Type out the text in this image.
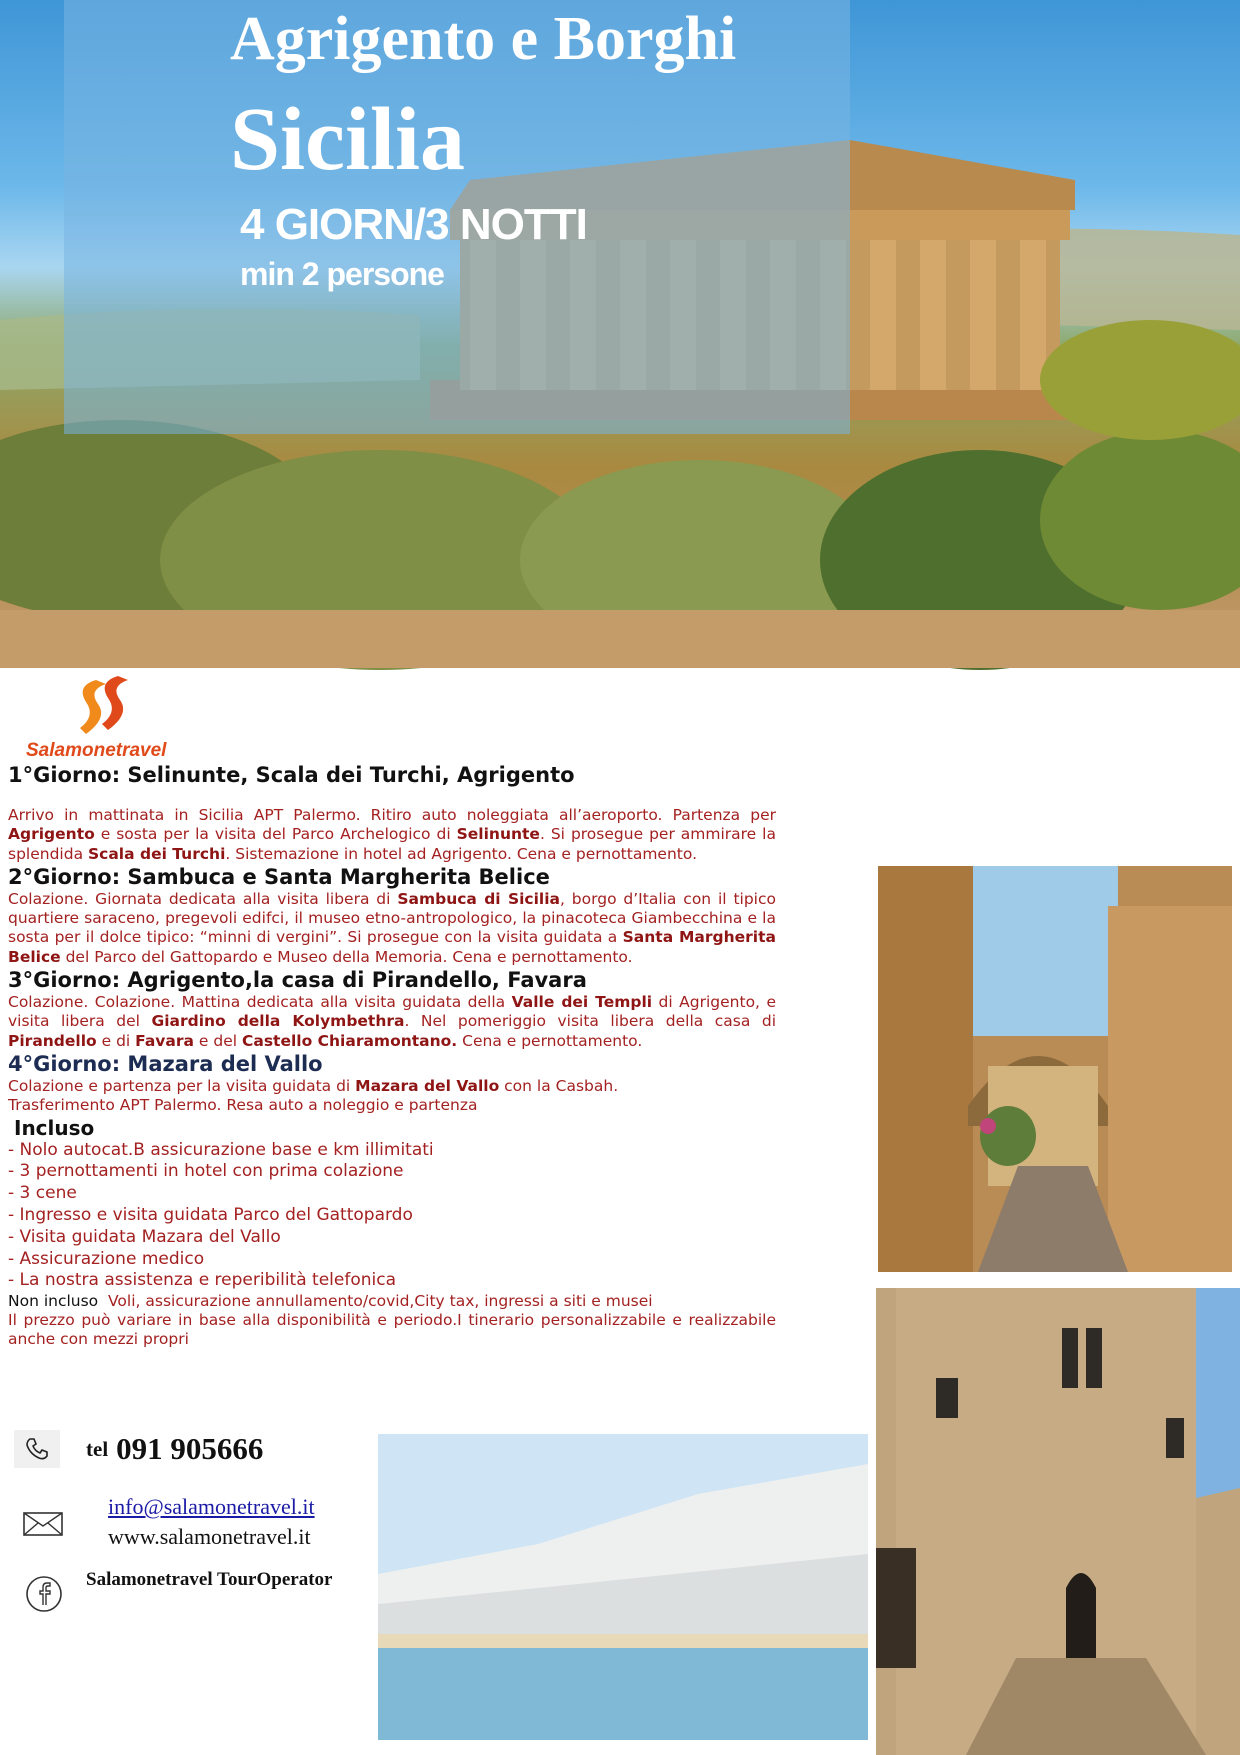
Agrigento e Borghi
Sicilia
4 GIORN/3 NOTTI
min 2 persone
Salamonetravel
1°Giorno: Selinunte, Scala dei Turchi, Agrigento

Arrivo in mattinata in Sicilia APT Palermo. Ritiro auto noleggiata all’aeroporto. Partenza per Agrigento e sosta per la visita del Parco Archelogico di Selinunte. Si prosegue per ammirare la splendida Scala dei Turchi. Sistemazione in hotel ad Agrigento. Cena e pernottamento.

2°Giorno: Sambuca e Santa Margherita Belice

Colazione. Giornata dedicata alla visita libera di Sambuca di Sicilia, borgo d’Italia con il tipico quartiere saraceno, pregevoli edifci, il museo etno-antropologico, la pinacoteca Giambecchina e la sosta per il dolce tipico: “minni di vergini”. Si prosegue con la visita guidata a Santa Margherita Belice del Parco del Gattopardo e Museo della Memoria. Cena e pernottamento.

3°Giorno: Agrigento,la casa di Pirandello, Favara

Colazione. Colazione. Mattina dedicata alla visita guidata della Valle dei Templi di Agrigento, e visita libera del Giardino della Kolymbethra. Nel pomeriggio visita libera della casa di Pirandello e di Favara e del Castello Chiaramontano. Cena e pernottamento.

4°Giorno: Mazara del Vallo

Colazione e partenza per la visita guidata di Mazara del Vallo con la Casbah.
Trasferimento APT Palermo. Resa auto a noleggio e partenza

Incluso
- Nolo autocat.B assicurazione base e km illimitati
- 3 pernottamenti in hotel con prima colazione
- 3 cene
- Ingresso e visita guidata Parco del Gattopardo
- Visita guidata Mazara del Vallo
- Assicurazione medico
- La nostra assistenza e reperibilità telefonica
Non incluso Voli, assicurazione annullamento/covid,City tax, ingressi a siti e musei

Il prezzo può variare in base alla disponibilità e periodo.I tinerario personalizzabile e realizzabile anche con mezzi propri

tel 091 905666
info@salamonetravel.it
www.salamonetravel.it
Salamonetravel TourOperator
